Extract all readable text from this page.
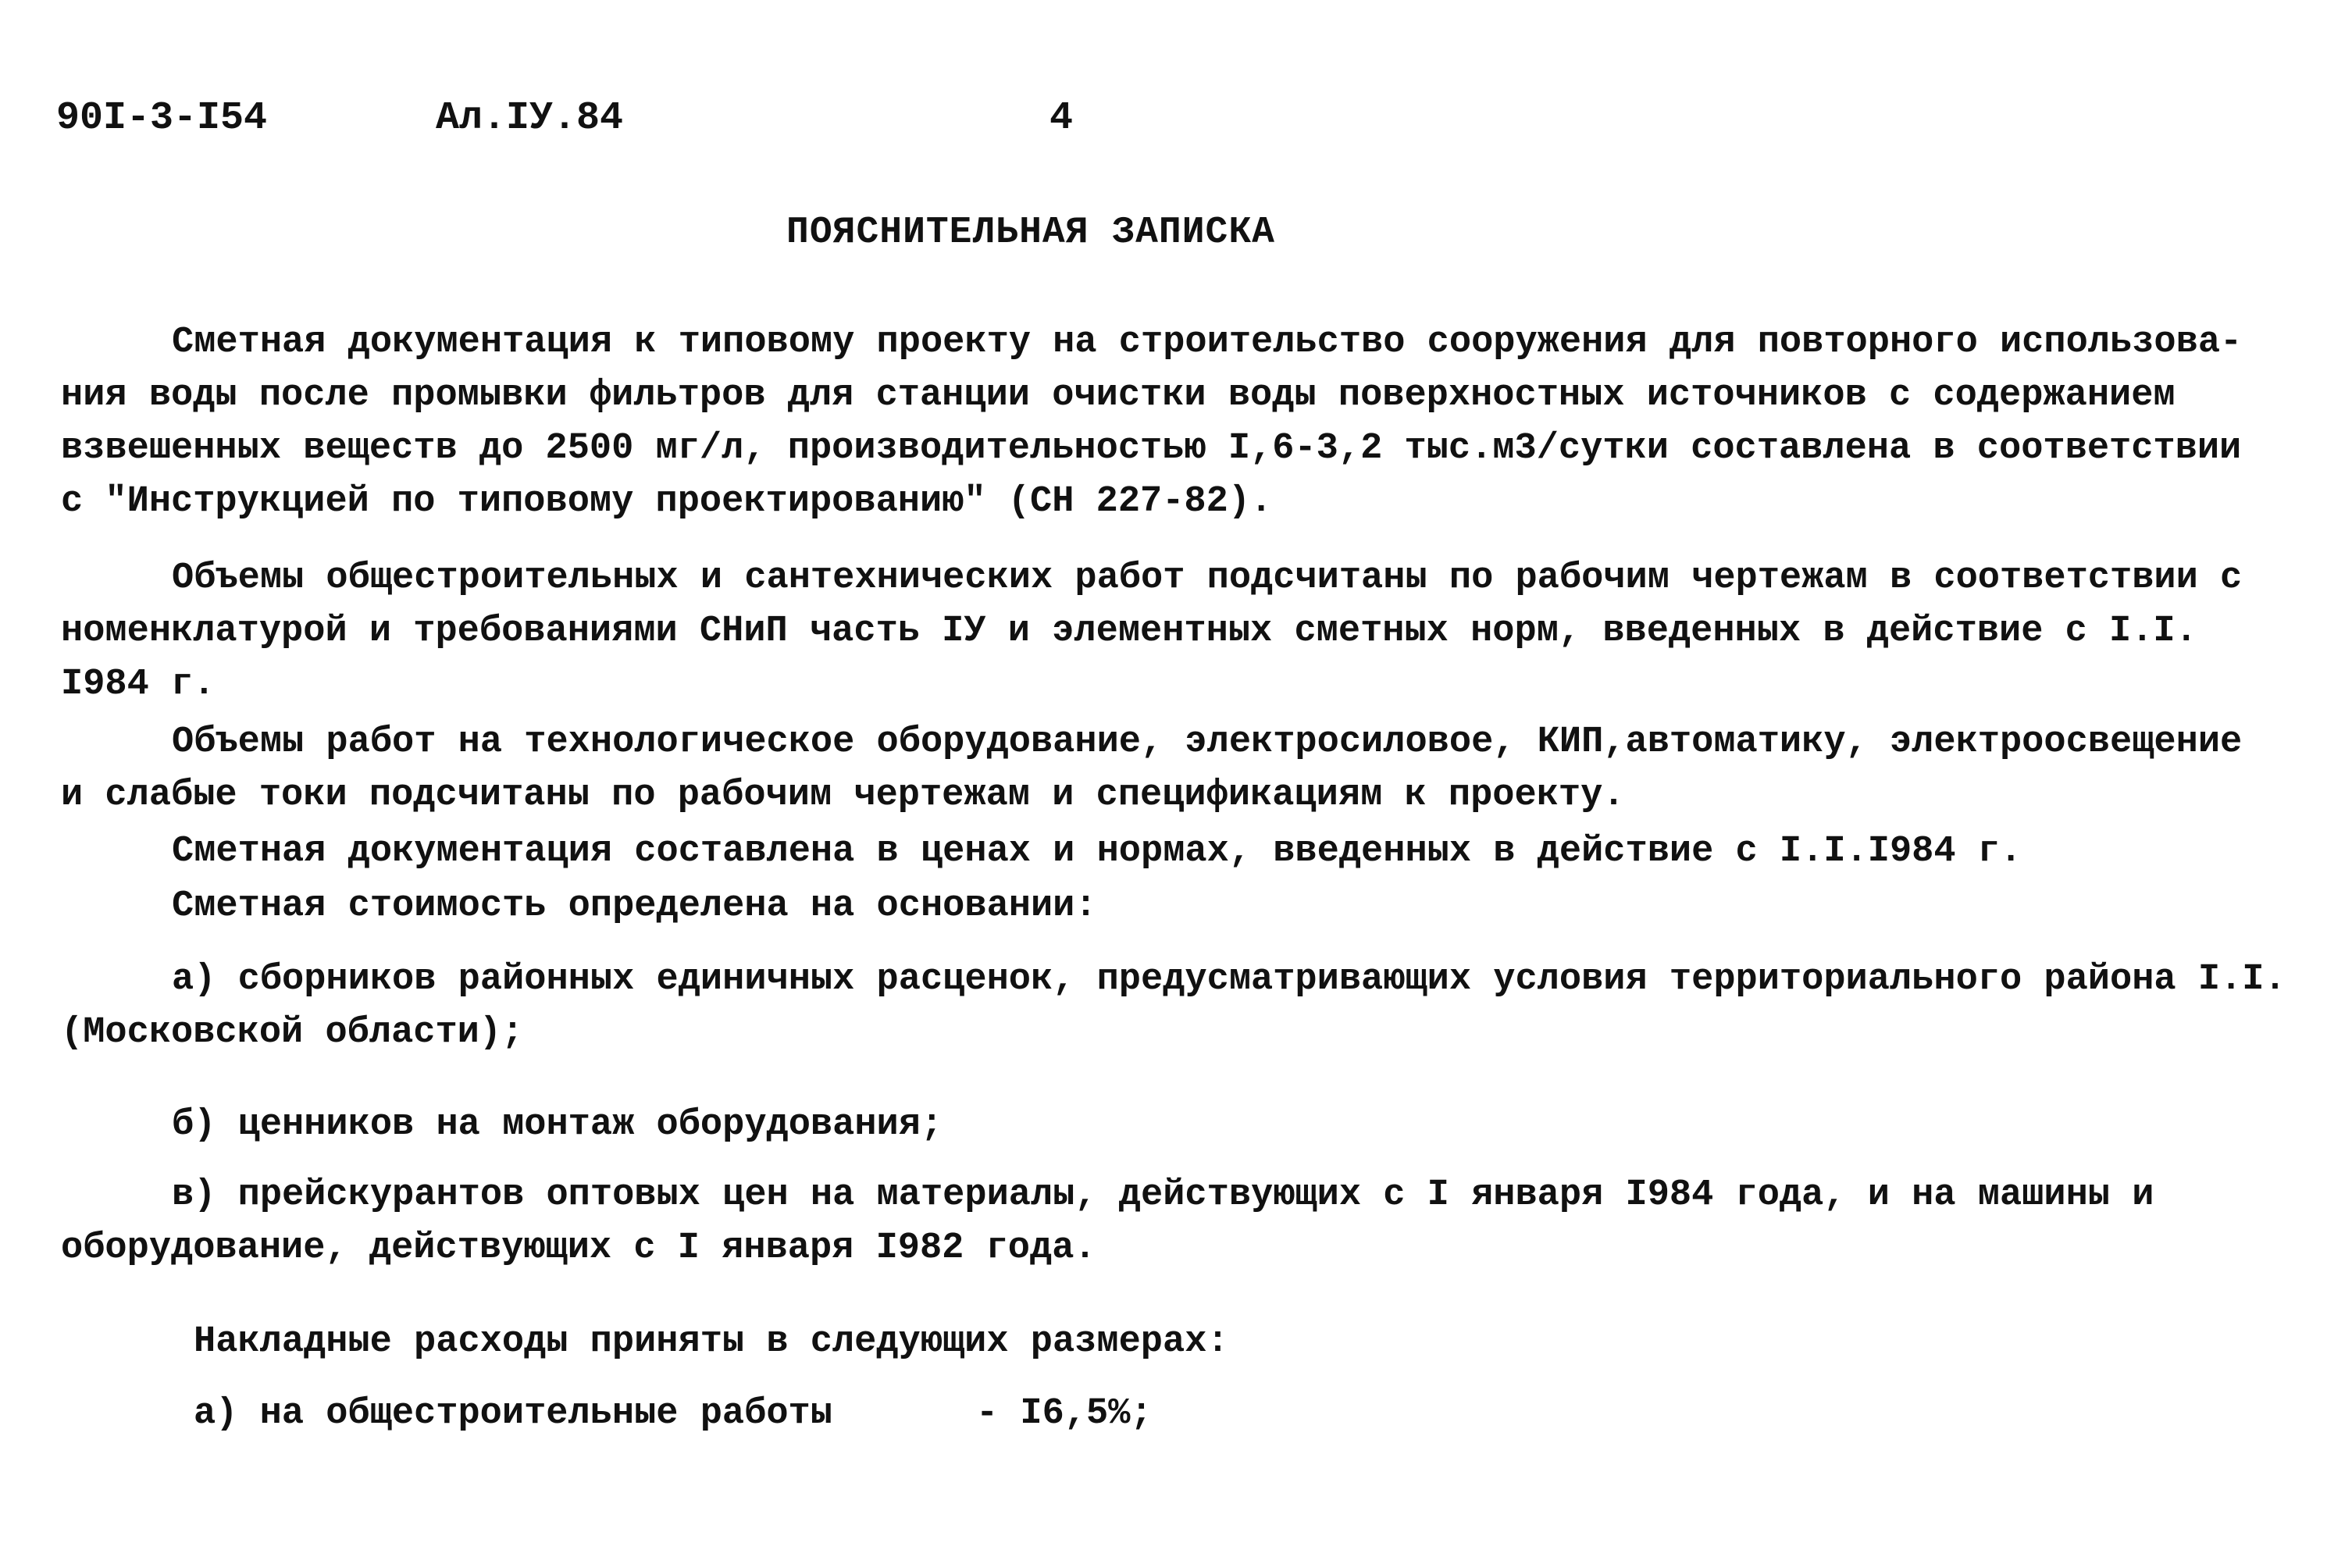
90I-3-I54	Ал.IУ.84	4
ПОЯСНИТЕЛЬНАЯ ЗАПИСКА
Сметная документация к типовому проекту на строительство сооружения для повторного использова-
ния воды после промывки фильтров для станции очистки воды поверхностных источников с содержанием
взвешенных веществ до 2500 мг/л, производительностью I,6-3,2 тыс.м3/сутки составлена в соответствии
с "Инструкцией по типовому проектированию" (СН 227-82).
Объемы общестроительных и сантехнических работ подсчитаны по рабочим чертежам в соответствии с
номенклатурой и требованиями СНиП часть IУ и элементных сметных норм, введенных в действие с I.I.
I984 г.
Объемы работ на технологическое оборудование, электросиловое, КИП,автоматику, электроосвещение
и слабые токи подсчитаны по рабочим чертежам и спецификациям к проекту.
Сметная документация составлена в ценах и нормах, введенных в действие с I.I.I984 г.
Сметная стоимость определена на основании:
а) сборников районных единичных расценок, предусматривающих условия территориального района I.I.
(Московской области);
б) ценников на монтаж оборудования;
в) прейскурантов оптовых цен на материалы, действующих с I января I984 года, и на машины и
оборудование, действующих с I января I982 года.
Накладные расходы приняты в следующих размерах:
а) на общестроительные работы	- I6,5%;
